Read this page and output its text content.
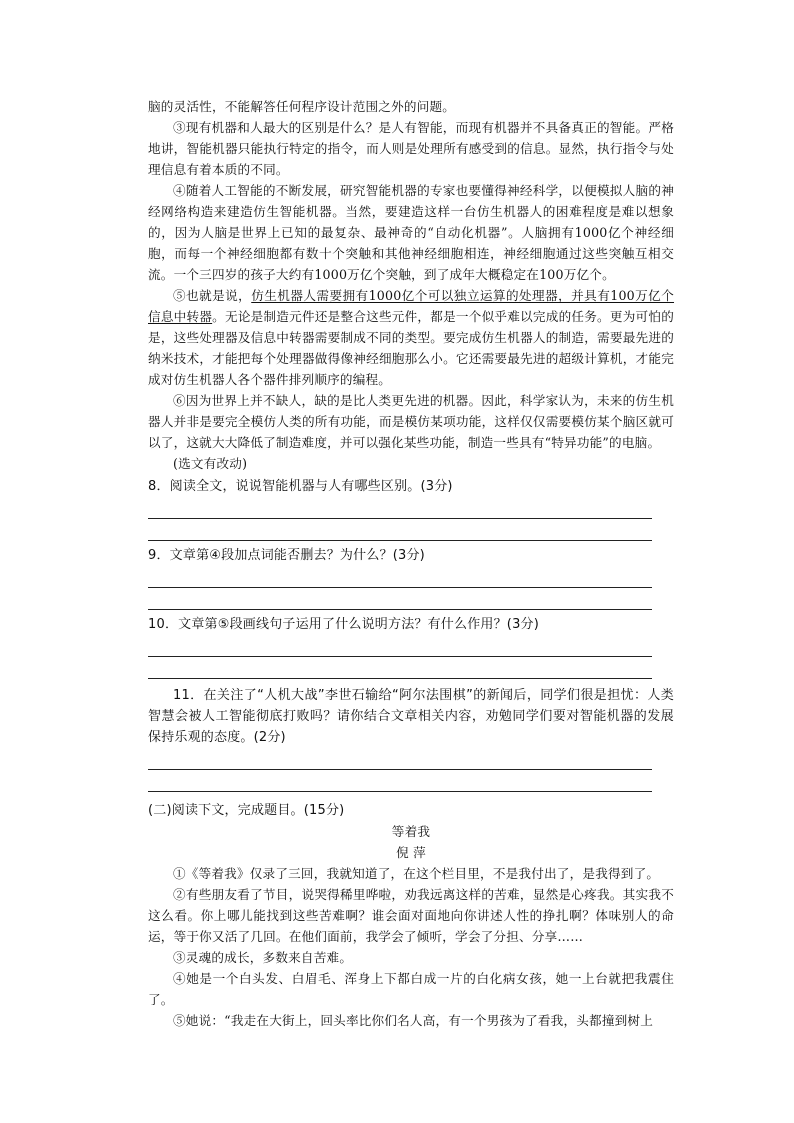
脑的灵活性，不能解答任何程序设计范围之外的问题。

③现有机器和人最大的区别是什么？是人有智能，而现有机器并不具备真正的智能。严格地讲，智能机器只能执行特定的指令，而人则是处理所有感受到的信息。显然，执行指令与处理信息有着本质的不同。

④随着人工智能的不断发展，研究智能机器的专家也要懂得神经科学，以便模拟人脑的神经网络构造来建造仿生智能机器。当然，要建造这样一台仿生机器人的困难程度是难以想象的，因为人脑是世界上已知的最复杂、最神奇的“自动化机器”。人脑拥有1000亿个神经细胞，而每一个神经细胞都有数十个突触和其他神经细胞相连，神经细胞通过这些突触互相交流。一个三四岁的孩子大约有1000万亿个突触，到了成年大概稳定在100万亿个。

⑤也就是说，仿生机器人需要拥有1000亿个可以独立运算的处理器，并具有100万亿个信息中转器。无论是制造元件还是整合这些元件，都是一个似乎难以完成的任务。更为可怕的是，这些处理器及信息中转器需要制成不同的类型。要完成仿生机器人的制造，需要最先进的纳米技术，才能把每个处理器做得像神经细胞那么小。它还需要最先进的超级计算机，才能完成对仿生机器人各个器件排列顺序的编程。

⑥因为世界上并不缺人，缺的是比人类更先进的机器。因此，科学家认为，未来的仿生机器人并非是要完全模仿人类的所有功能，而是模仿某项功能，这样仅仅需要模仿某个脑区就可以了，这就大大降低了制造难度，并可以强化某些功能，制造一些具有“特异功能”的电脑。

(选文有改动)

8．阅读全文，说说智能机器与人有哪些区别。(3分)

9．文章第④段加点词能否删去？为什么？(3分)

10．文章第⑤段画线句子运用了什么说明方法？有什么作用？(3分)

11．在关注了“人机大战”李世石输给“阿尔法围棋”的新闻后，同学们很是担忧：人类智慧会被人工智能彻底打败吗？请你结合文章相关内容，劝勉同学们要对智能机器的发展保持乐观的态度。(2分)

(二)阅读下文，完成题目。(15分)

等着我

倪 萍

①《等着我》仅录了三回，我就知道了，在这个栏目里，不是我付出了，是我得到了。

②有些朋友看了节目，说哭得稀里哗啦，劝我远离这样的苦难，显然是心疼我。其实我不这么看。你上哪儿能找到这些苦难啊？谁会面对面地向你讲述人性的挣扎啊？体味别人的命运，等于你又活了几回。在他们面前，我学会了倾听，学会了分担、分享……

③灵魂的成长，多数来自苦难。

④她是一个白头发、白眉毛、浑身上下都白成一片的白化病女孩，她一上台就把我震住了。

⑤她说：“我走在大街上，回头率比你们名人高，有一个男孩为了看我，头都撞到树上
